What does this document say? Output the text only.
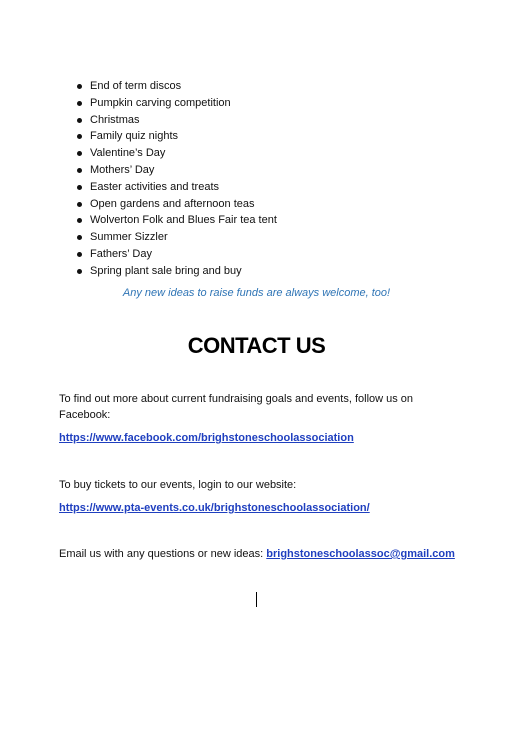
End of term discos
Pumpkin carving competition
Christmas
Family quiz nights
Valentine’s Day
Mothers’ Day
Easter activities and treats
Open gardens and afternoon teas
Wolverton Folk and Blues Fair tea tent
Summer Sizzler
Fathers’ Day
Spring plant sale bring and buy
Any new ideas to raise funds are always welcome, too!
CONTACT US
To find out more about current fundraising goals and events, follow us on Facebook:
https://www.facebook.com/brighstoneschoolassociation
To buy tickets to our events, login to our website:
https://www.pta-events.co.uk/brighstoneschoolassociation/
Email us with any questions or new ideas: brighstoneschoolassoc@gmail.com
